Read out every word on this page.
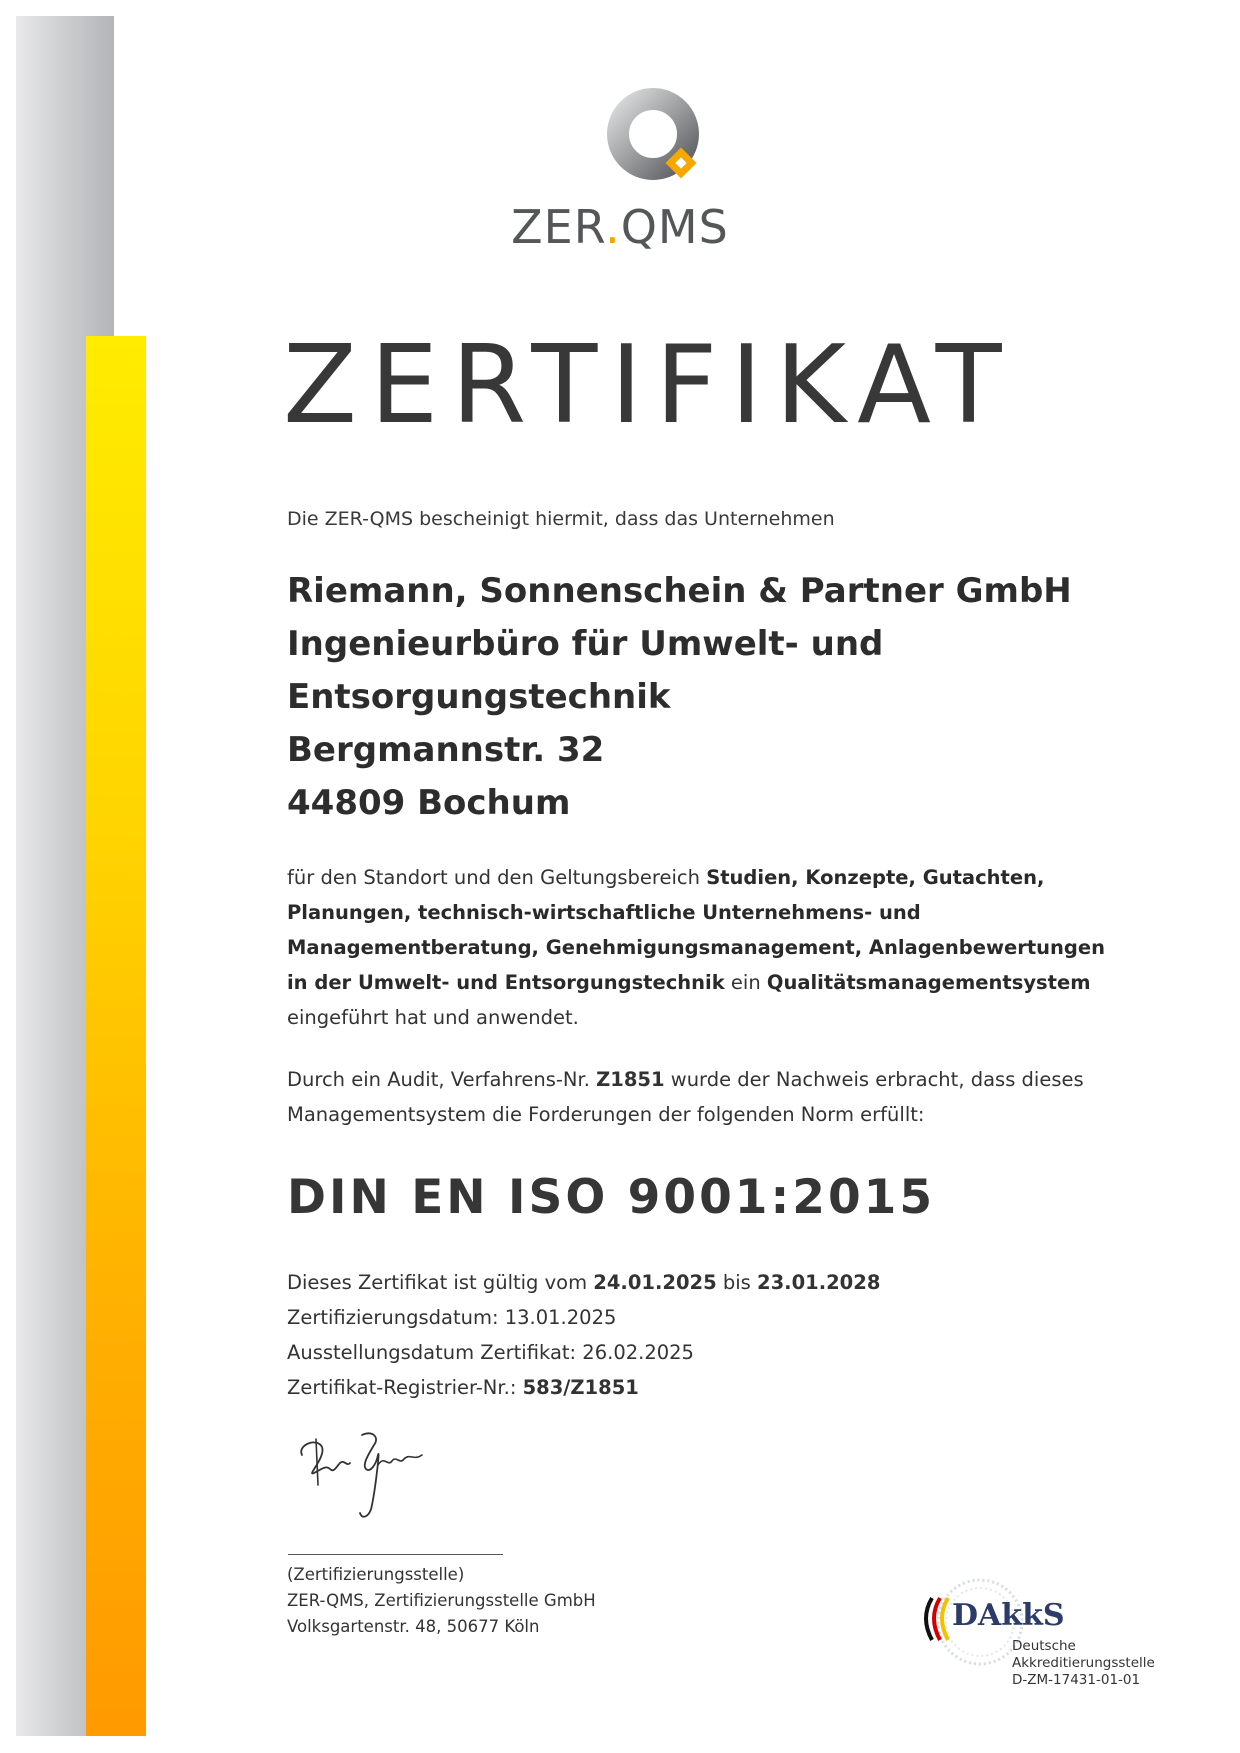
ZER.QMS
ZERTIFIKAT
Die ZER-QMS bescheinigt hiermit, dass das Unternehmen
Riemann, Sonnenschein & Partner GmbH
Ingenieurbüro für Umwelt- und
Entsorgungstechnik
Bergmannstr. 32
44809 Bochum
für den Standort und den Geltungsbereich Studien, Konzepte, Gutachten, Planungen, technisch-wirtschaftliche Unternehmens- und Managementberatung, Genehmigungsmanagement, Anlagenbewertungen in der Umwelt- und Entsorgungstechnik ein Qualitätsmanagementsystem eingeführt hat und anwendet.
Durch ein Audit, Verfahrens-Nr. Z1851 wurde der Nachweis erbracht, dass dieses Managementsystem die Forderungen der folgenden Norm erfüllt:
DIN EN ISO 9001:2015
Dieses Zertifikat ist gültig vom 24.01.2025 bis 23.01.2028
Zertifizierungsdatum: 13.01.2025
Ausstellungsdatum Zertifikat: 26.02.2025
Zertifikat-Registrier-Nr.: 583/Z1851
(Zertifizierungsstelle)
ZER-QMS, Zertifizierungsstelle GmbH
Volksgartenstr. 48, 50677 Köln	DAkkS
Deutsche
Akkreditierungsstelle
D-ZM-17431-01-01
